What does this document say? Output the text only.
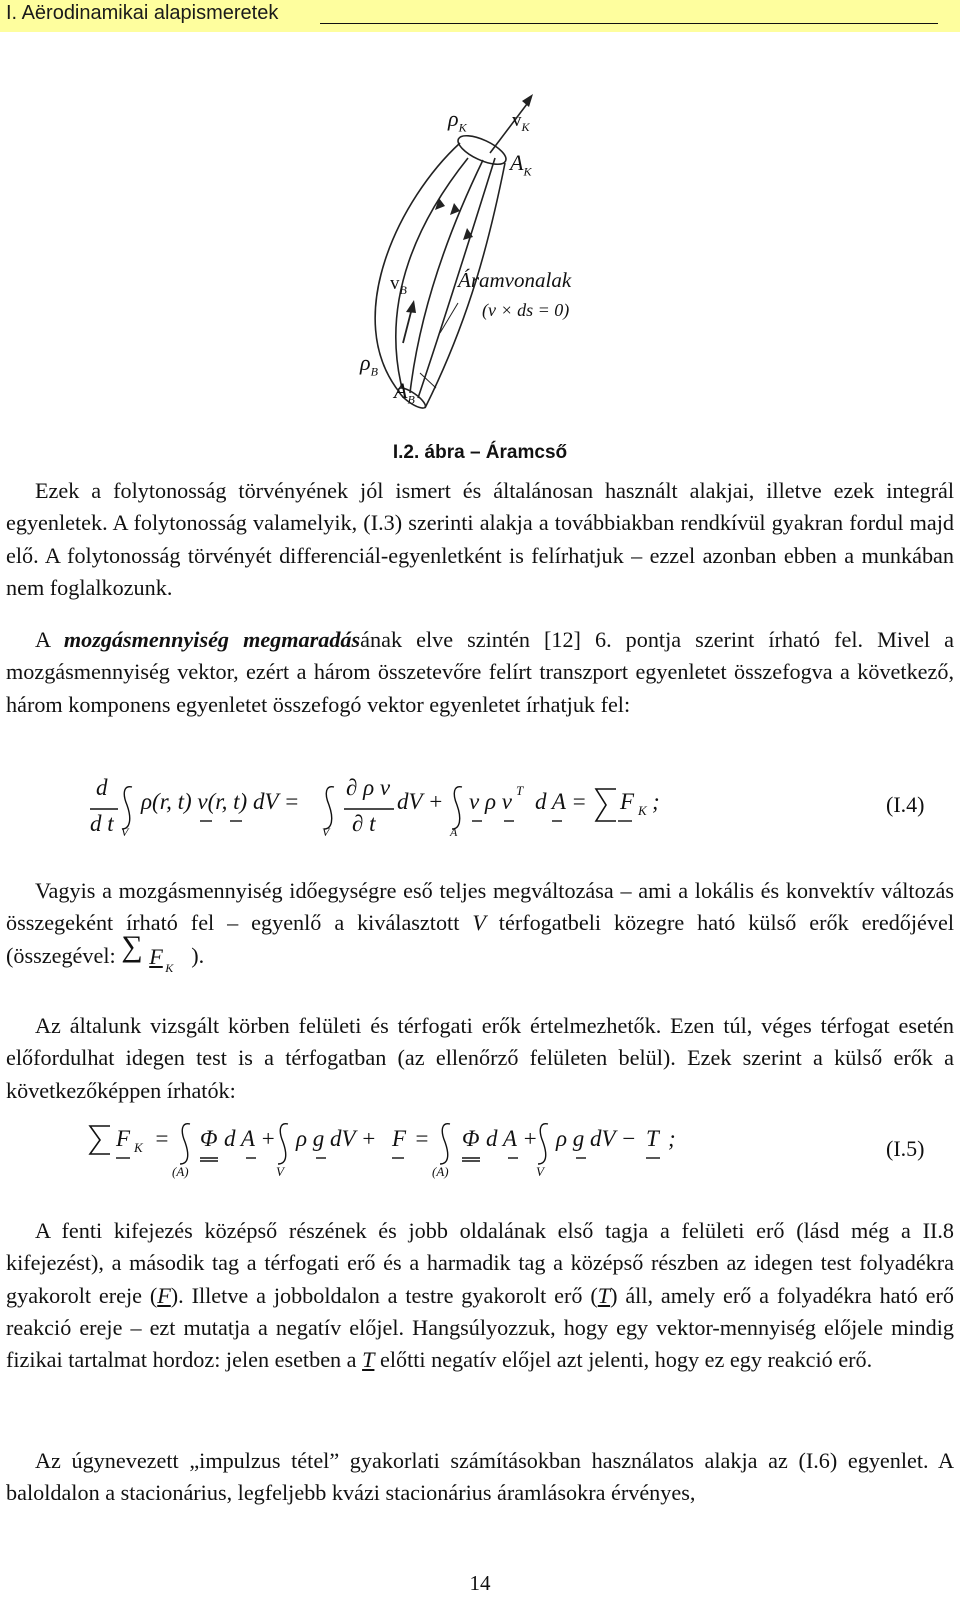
I. Aërodinamikai alapismeretek
$\rho_K$ $v_K$
$A_K$
$v_B$
$\rho_B$
$A_B$
Áramvonalak
(v × ds = 0)
I.2. ábra – Áramcső

Ezek a folytonosság törvényének jól ismert és általánosan használt alakjai, illetve ezek integrál egyenletek. A folytonosság valamelyik, (I.3) szerinti alakja a továbbiakban rendkívül gyakran fordul majd elő. A folytonosság törvényét differenciál-egyenletként is felírhatjuk – ezzel azonban ebben a munkában nem foglalkozunk.

A mozgásmennyiség megmaradásának elve szintén [12] 6. pontja szerint írható fel. Mivel a mozgásmennyiség vektor, ezért a három összetevőre felírt transzport egyenletet összefogva a következő, három komponens egyenletet összefogó vektor egyenletet írhatjuk fel:

d
d t V
ρ(r, t) v(r, t) dV =
V
∂ ρ v
∂ t
dV +
A
v ρ v T d A = F K ;	(I.4)

Vagyis a mozgásmennyiség időegységre eső teljes megváltozása – ami a lokális és konvektív változás összegeként írható fel – egyenlő a kiválasztott V térfogatbeli közegre ható külső erők eredőjével (összegével: ∑ F K ).

Az általunk vizsgált körben felületi és térfogati erők értelmezhetők. Ezen túl, véges térfogat esetén előfordulhat idegen test is a térfogatban (az ellenőrző felületen belül). Ezek szerint a külső erők a következőképpen írhatók:

F K =
(A)
Φ d A +
V
ρ g dV + F =
(A)
Φ d A +
V
ρ g dV − T ;	(I.5)

A fenti kifejezés középső részének és jobb oldalának első tagja a felületi erő (lásd még a II.8 kifejezést), a második tag a térfogati erő és a harmadik tag a középső részben az idegen test folyadékra gyakorolt ereje (F). Illetve a jobboldalon a testre gyakorolt erő (T) áll, amely erő a folyadékra ható erő reakció ereje – ezt mutatja a negatív előjel. Hangsúlyozzuk, hogy egy vektor-mennyiség előjele mindig fizikai tartalmat hordoz: jelen esetben a T előtti negatív előjel azt jelenti, hogy ez egy reakció erő.

Az úgynevezett „impulzus tétel” gyakorlati számításokban használatos alakja az (I.6) egyenlet. A baloldalon a stacionárius, legfeljebb kvázi stacionárius áramlásokra érvényes,

14
